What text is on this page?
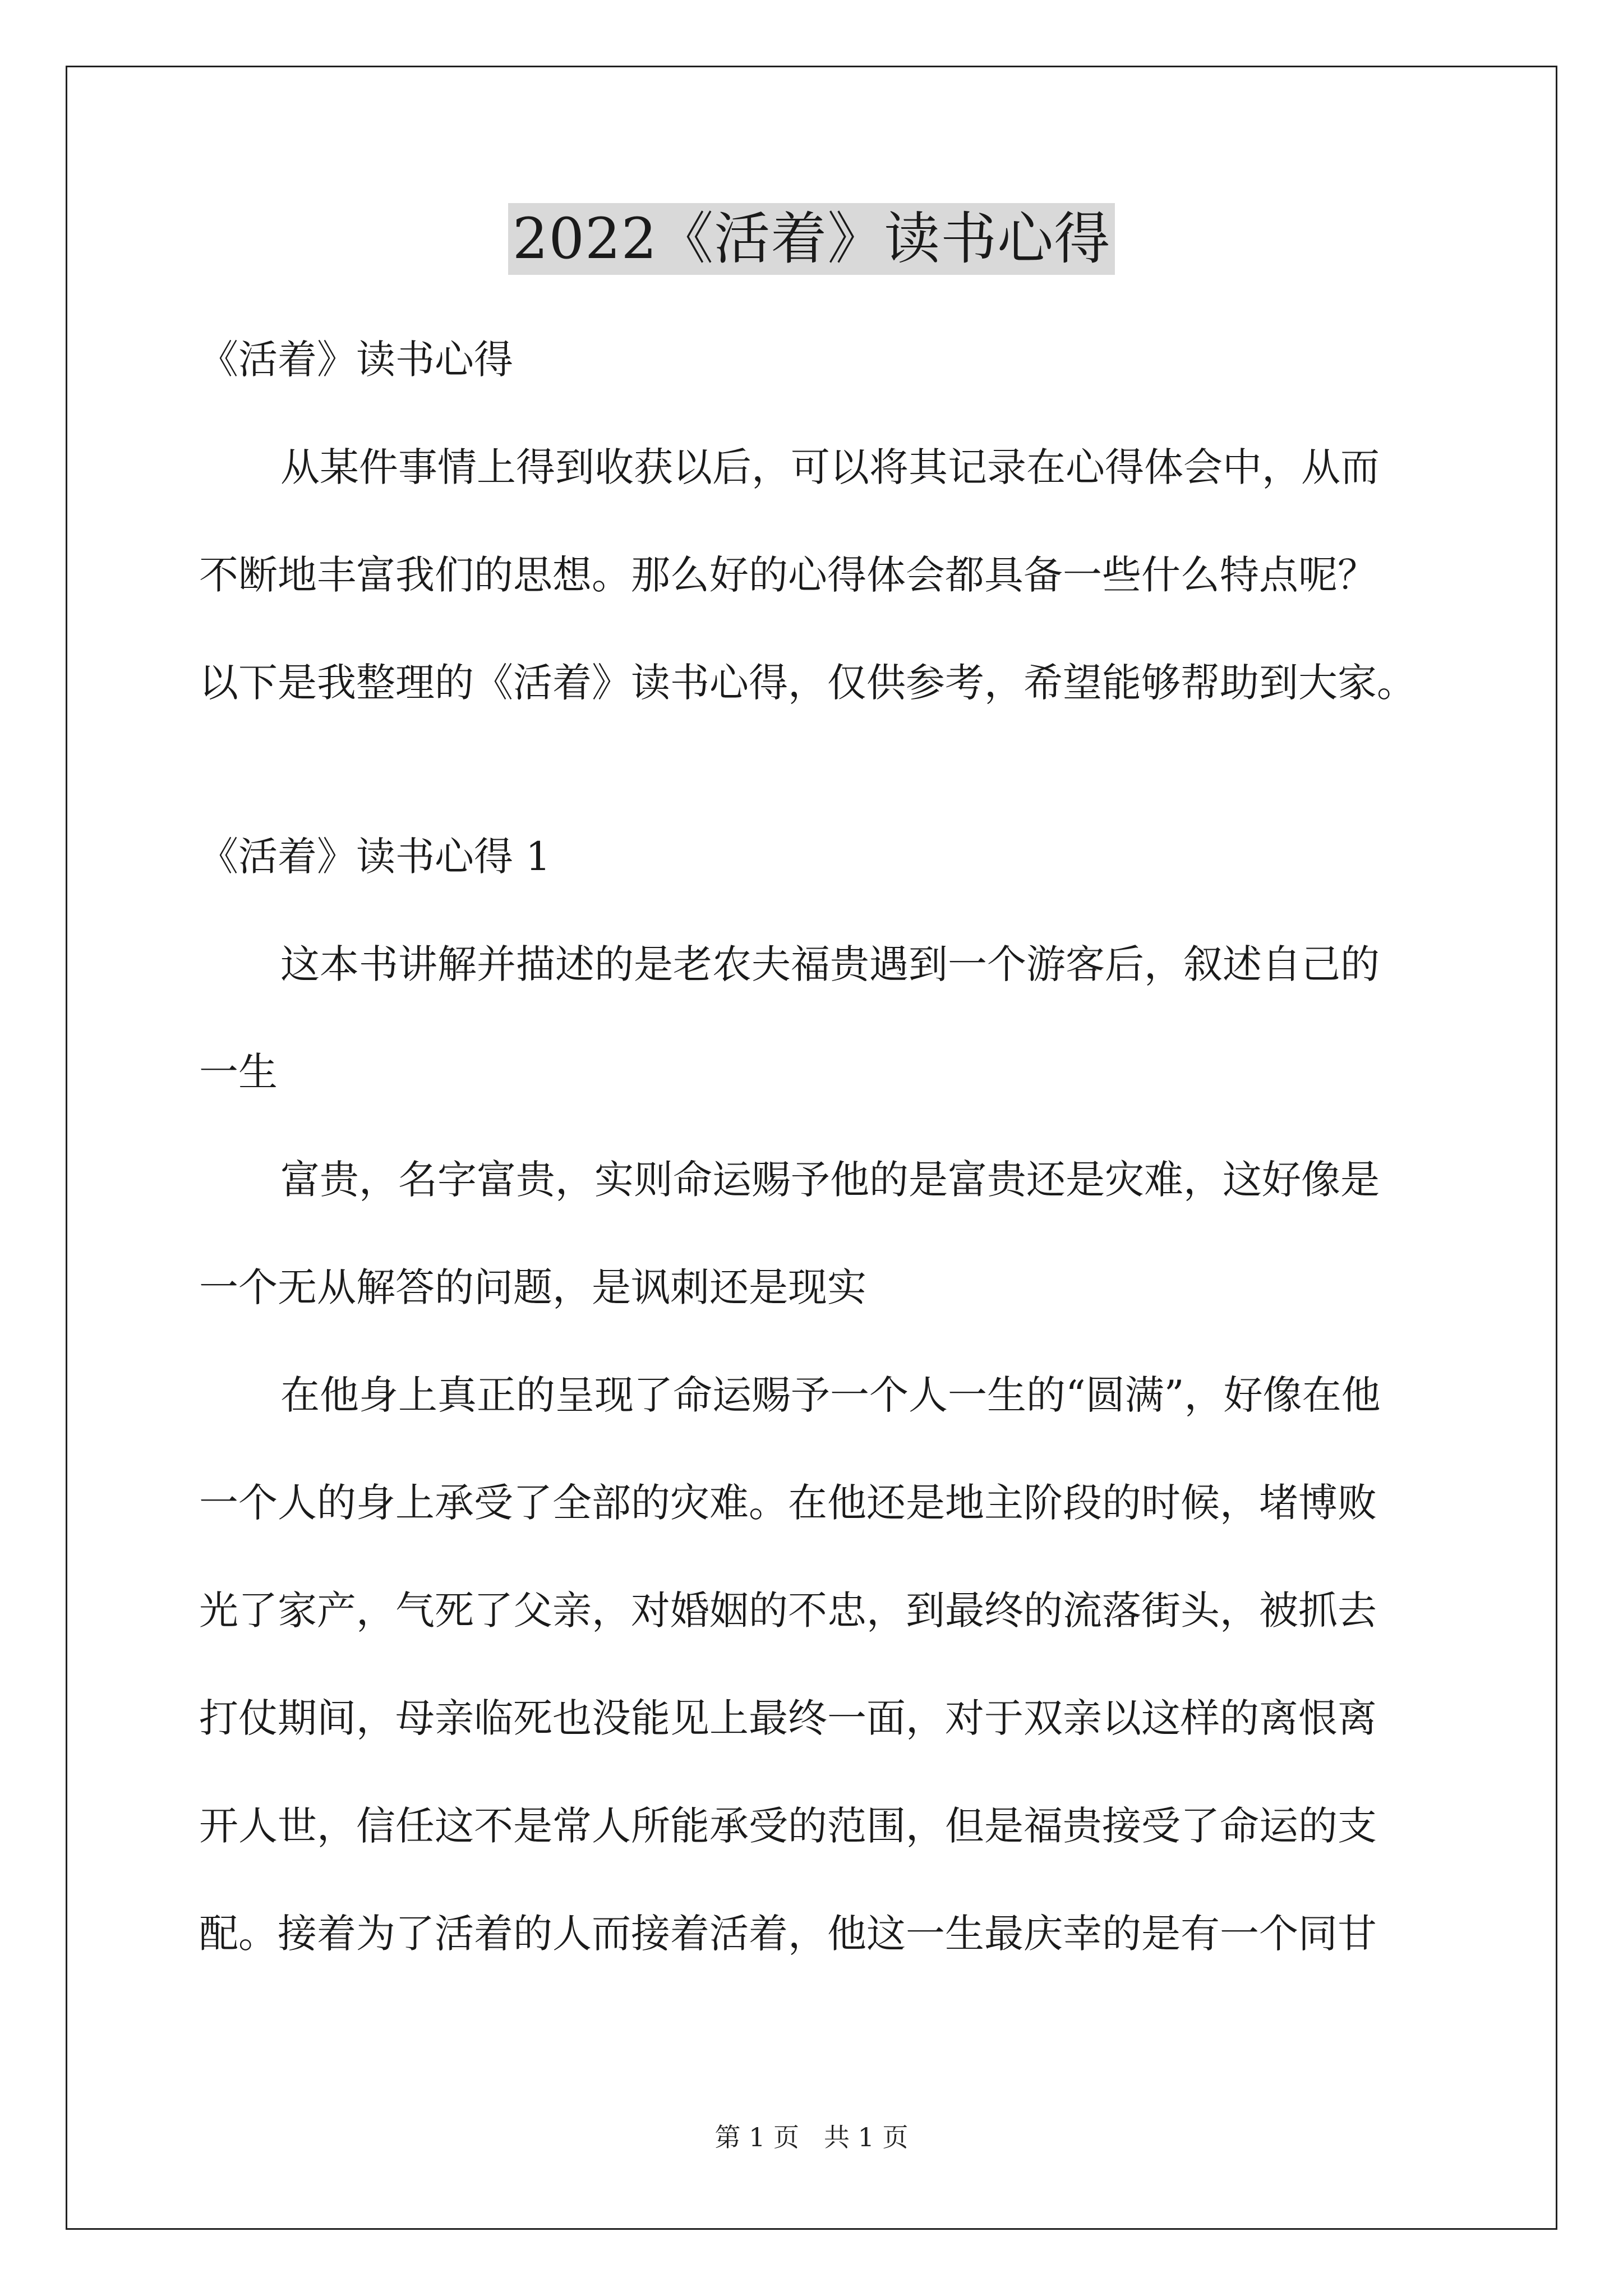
2022《活着》读书心得

《活着》读书心得

从某件事情上得到收获以后，可以将其记录在心得体会中，从而

不断地丰富我们的思想。那么好的心得体会都具备一些什么特点呢？

以下是我整理的《活着》读书心得，仅供参考，希望能够帮助到大家。

《活着》读书心得 1

这本书讲解并描述的是老农夫福贵遇到一个游客后，叙述自己的

一生

富贵，名字富贵，实则命运赐予他的是富贵还是灾难，这好像是

一个无从解答的问题，是讽刺还是现实

在他身上真正的呈现了命运赐予一个人一生的“圆满”，好像在他

一个人的身上承受了全部的灾难。在他还是地主阶段的时候，堵博败

光了家产，气死了父亲，对婚姻的不忠，到最终的流落街头，被抓去

打仗期间，母亲临死也没能见上最终一面，对于双亲以这样的离恨离

开人世，信任这不是常人所能承受的范围，但是福贵接受了命运的支

配。接着为了活着的人而接着活着，他这一生最庆幸的是有一个同甘

第 1 页 共 1 页
